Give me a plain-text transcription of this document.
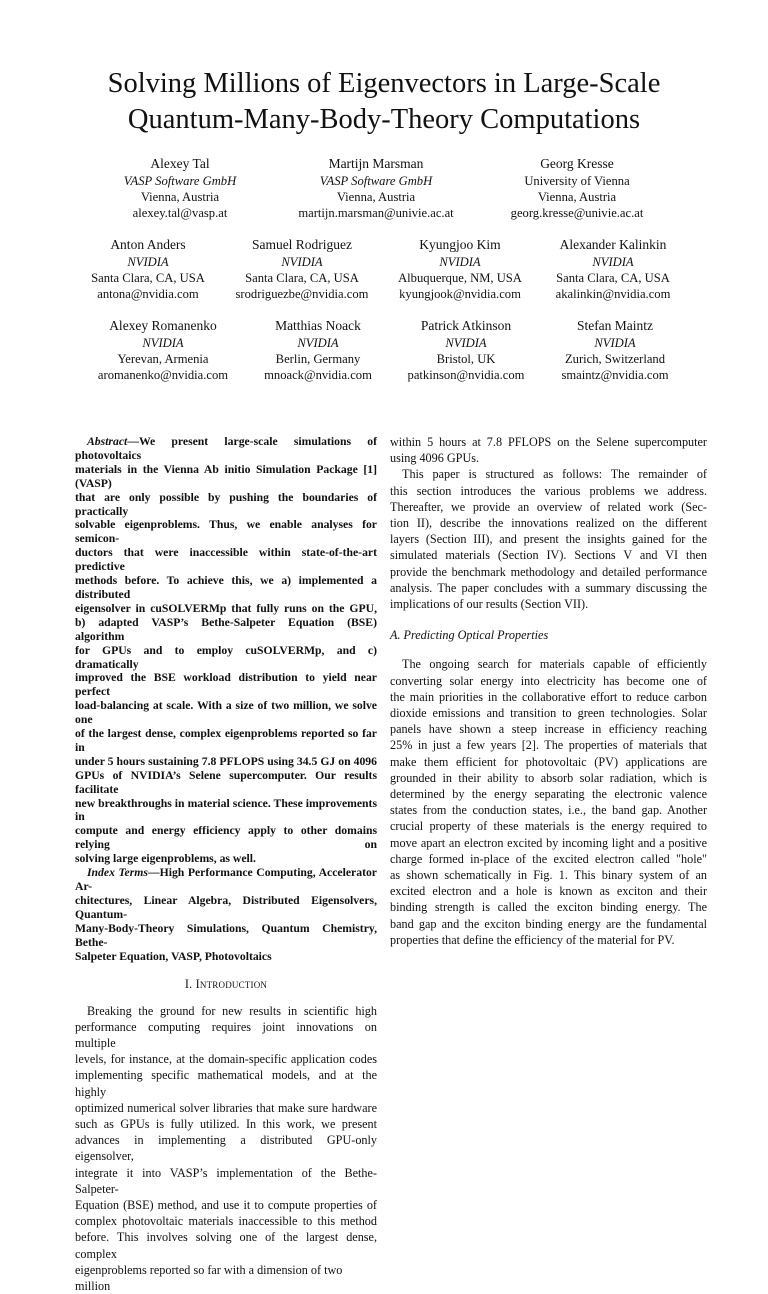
Solving Millions of Eigenvectors in Large-Scale
Quantum-Many-Body-Theory Computations
Alexey Tal
VASP Software GmbH
Vienna, Austria
alexey.tal@vasp.at
Martijn Marsman
VASP Software GmbH
Vienna, Austria
martijn.marsman@univie.ac.at
Georg Kresse
University of Vienna
Vienna, Austria
georg.kresse@univie.ac.at
Anton Anders
NVIDIA
Santa Clara, CA, USA
antona@nvidia.com
Samuel Rodriguez
NVIDIA
Santa Clara, CA, USA
srodriguezbe@nvidia.com
Kyungjoo Kim
NVIDIA
Albuquerque, NM, USA
kyungjook@nvidia.com
Alexander Kalinkin
NVIDIA
Santa Clara, CA, USA
akalinkin@nvidia.com
Alexey Romanenko
NVIDIA
Yerevan, Armenia
aromanenko@nvidia.com
Matthias Noack
NVIDIA
Berlin, Germany
mnoack@nvidia.com
Patrick Atkinson
NVIDIA
Bristol, UK
patkinson@nvidia.com
Stefan Maintz
NVIDIA
Zurich, Switzerland
smaintz@nvidia.com
Abstract—We present large-scale simulations of photovoltaics
materials in the Vienna Ab initio Simulation Package [1] (VASP)
that are only possible by pushing the boundaries of practically
solvable eigenproblems. Thus, we enable analyses for semicon-
ductors that were inaccessible within state-of-the-art predictive
methods before. To achieve this, we a) implemented a distributed
eigensolver in cuSOLVERMp that fully runs on the GPU,
b) adapted VASP’s Bethe-Salpeter Equation (BSE) algorithm
for GPUs and to employ cuSOLVERMp, and c) dramatically
improved the BSE workload distribution to yield near perfect
load-balancing at scale. With a size of two million, we solve one
of the largest dense, complex eigenproblems reported so far in
under 5 hours sustaining 7.8 PFLOPS using 34.5 GJ on 4096
GPUs of NVIDIA’s Selene supercomputer. Our results facilitate
new breakthroughs in material science. These improvements in
compute and energy efficiency apply to other domains relying on
solving large eigenproblems, as well.
Index Terms—High Performance Computing, Accelerator Ar-
chitectures, Linear Algebra, Distributed Eigensolvers, Quantum-
Many-Body-Theory Simulations, Quantum Chemistry, Bethe-
Salpeter Equation, VASP, Photovoltaics
I. Introduction
Breaking the ground for new results in scientific high
performance computing requires joint innovations on multiple
levels, for instance, at the domain-specific application codes
implementing specific mathematical models, and at the highly
optimized numerical solver libraries that make sure hardware
such as GPUs is fully utilized. In this work, we present
advances in implementing a distributed GPU-only eigensolver,
integrate it into VASP’s implementation of the Bethe-Salpeter-
Equation (BSE) method, and use it to compute properties of
complex photovoltaic materials inaccessible to this method
before. This involves solving one of the largest dense, complex
eigenproblems reported so far with a dimension of two million
within 5 hours at 7.8 PFLOPS on the Selene supercomputer
using 4096 GPUs.
This paper is structured as follows: The remainder of
this section introduces the various problems we address.
Thereafter, we provide an overview of related work (Sec-
tion II), describe the innovations realized on the different
layers (Section III), and present the insights gained for the
simulated materials (Section IV). Sections V and VI then
provide the benchmark methodology and detailed performance
analysis. The paper concludes with a summary discussing the
implications of our results (Section VII).
A. Predicting Optical Properties
The ongoing search for materials capable of efficiently
converting solar energy into electricity has become one of
the main priorities in the collaborative effort to reduce carbon
dioxide emissions and transition to green technologies. Solar
panels have shown a steep increase in efficiency reaching
25% in just a few years [2]. The properties of materials that
make them efficient for photovoltaic (PV) applications are
grounded in their ability to absorb solar radiation, which is
determined by the energy separating the electronic valence
states from the conduction states, i.e., the band gap. Another
crucial property of these materials is the energy required to
move apart an electron excited by incoming light and a positive
charge formed in-place of the excited electron called "hole"
as shown schematically in Fig. 1. This binary system of an
excited electron and a hole is known as exciton and their
binding strength is called the exciton binding energy. The
band gap and the exciton binding energy are the fundamental
properties that define the efficiency of the material for PV.
